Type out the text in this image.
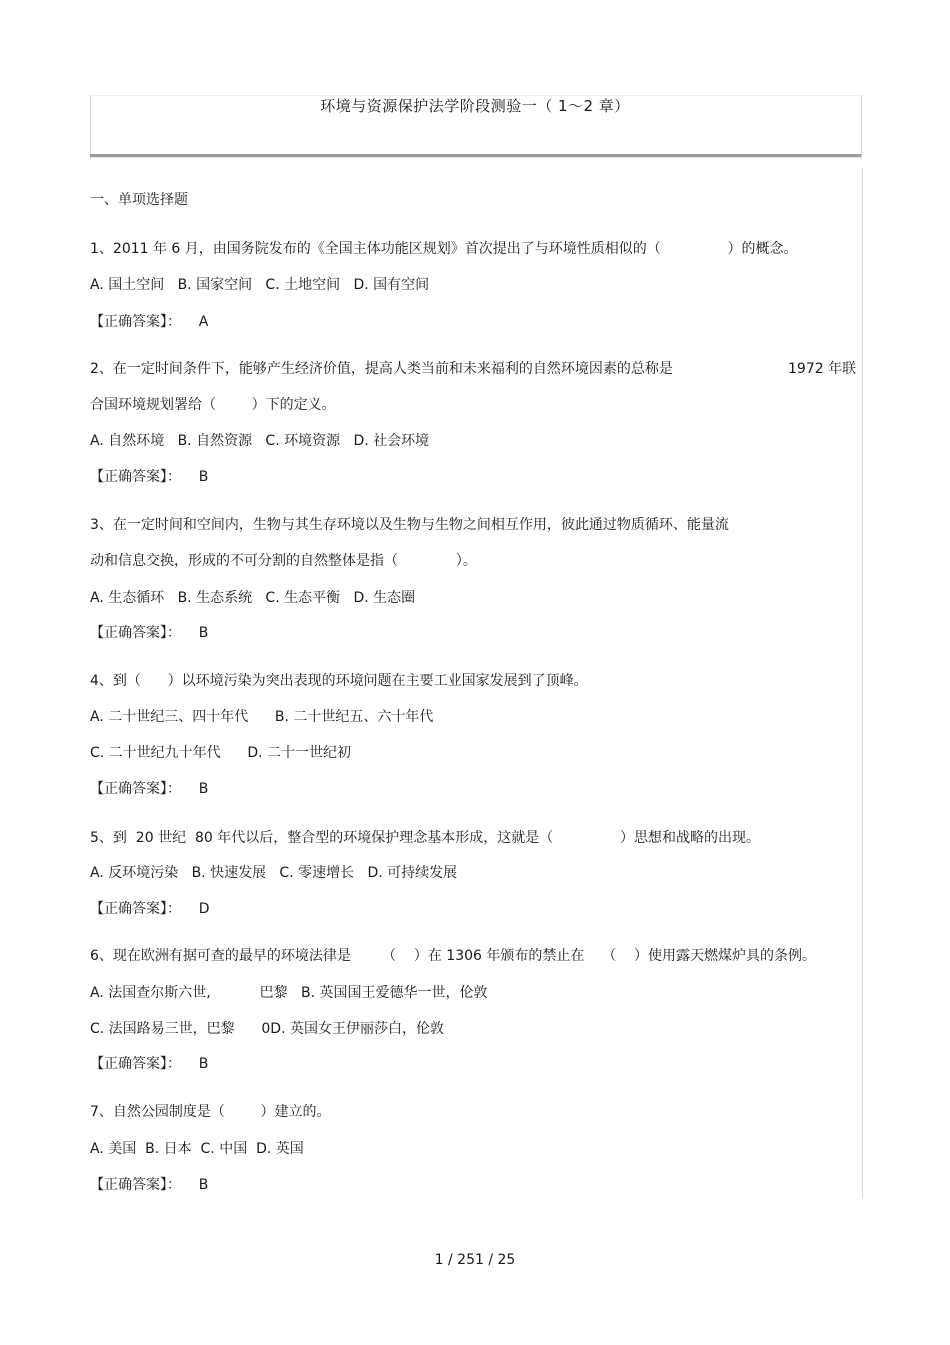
环境与资源保护法学阶段测验一（ 1～2 章）
一、单项选择题
1、2011 年 6 月，由国务院发布的《全国主体功能区规划》首次提出了与环境性质相似的（               ）的概念。
A. 国土空间   B. 国家空间   C. 土地空间   D. 国有空间
【正确答案】：    A
2、在一定时间条件下，能够产生经济价值，提高人类当前和未来福利的自然环境因素的总称是	1972 年联
合国环境规划署给（        ）下的定义。
A. 自然环境   B. 自然资源   C. 环境资源   D. 社会环境
【正确答案】：    B
3、在一定时间和空间内，生物与其生存环境以及生物与生物之间相互作用，彼此通过物质循环、能量流
动和信息交换，形成的不可分割的自然整体是指（             ）。
A. 生态循环   B. 生态系统   C. 生态平衡   D. 生态圈
【正确答案】：    B
4、到（      ）以环境污染为突出表现的环境问题在主要工业国家发展到了顶峰。
A. 二十世纪三、四十年代      B. 二十世纪五、六十年代
C. 二十世纪九十年代      D. 二十一世纪初
【正确答案】：    B
5、到  20 世纪  80 年代以后，整合型的环境保护理念基本形成，这就是（               ）思想和战略的出现。
A. 反环境污染   B. 快速发展   C. 零速增长   D. 可持续发展
【正确答案】：    D
6、现在欧洲有据可查的最早的环境法律是       （    ）在 1306 年颁布的禁止在    （    ）使用露天燃煤炉具的条例。
A. 法国查尔斯六世,           巴黎   B. 英国国王爱德华一世，伦敦
C. 法国路易三世，巴黎      0D. 英国女王伊丽莎白，伦敦
【正确答案】：    B
7、自然公园制度是（        ）建立的。
A. 美国  B. 日本  C. 中国  D. 英国
【正确答案】：    B
1 / 251 / 25
